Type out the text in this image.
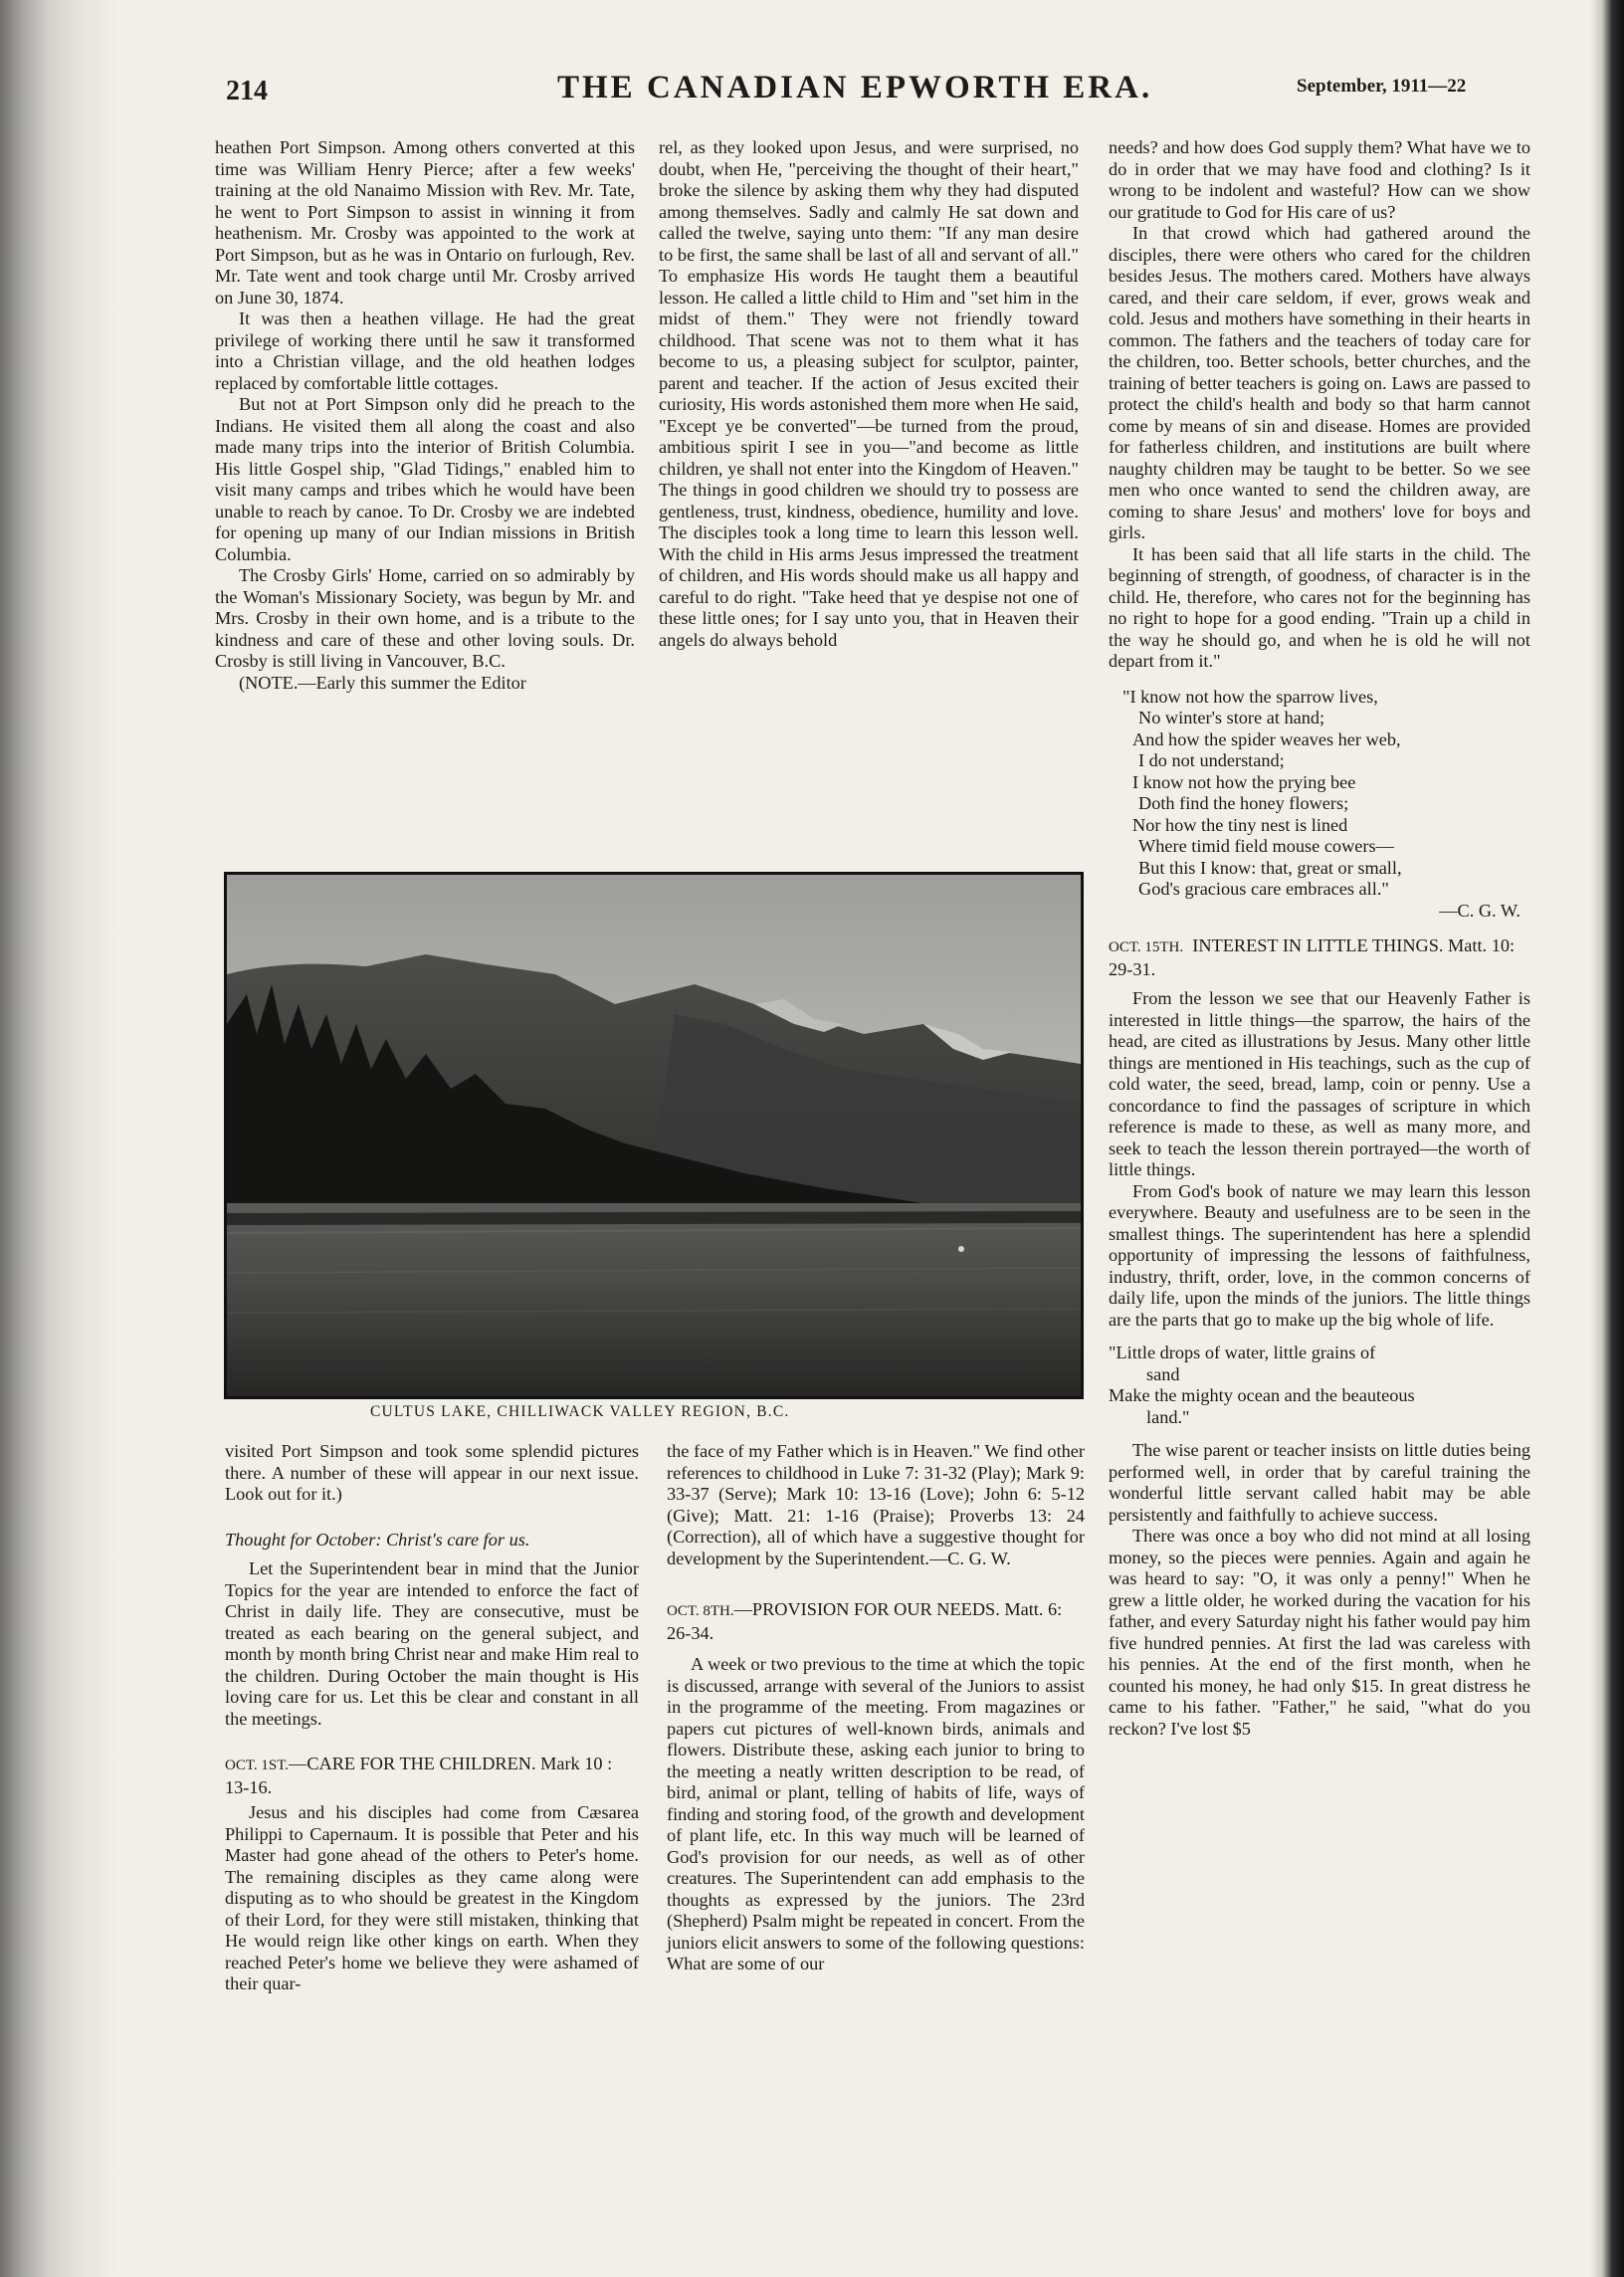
214	THE CANADIAN EPWORTH ERA.	September, 1911—22

heathen Port Simpson. Among others converted at this time was William Henry Pierce; after a few weeks' training at the old Nanaimo Mission with Rev. Mr. Tate, he went to Port Simpson to assist in winning it from heathenism. Mr. Crosby was appointed to the work at Port Simpson, but as he was in Ontario on furlough, Rev. Mr. Tate went and took charge until Mr. Crosby arrived on June 30, 1874.

It was then a heathen village. He had the great privilege of working there until he saw it transformed into a Christian village, and the old heathen lodges replaced by comfortable little cottages.

But not at Port Simpson only did he preach to the Indians. He visited them all along the coast and also made many trips into the interior of British Columbia. His little Gospel ship, "Glad Tidings," enabled him to visit many camps and tribes which he would have been unable to reach by canoe. To Dr. Crosby we are indebted for opening up many of our Indian missions in British Columbia.

The Crosby Girls' Home, carried on so admirably by the Woman's Missionary Society, was begun by Mr. and Mrs. Crosby in their own home, and is a tribute to the kindness and care of these and other loving souls. Dr. Crosby is still living in Vancouver, B.C.

(NOTE.—Early this summer the Editor

rel, as they looked upon Jesus, and were surprised, no doubt, when He, "perceiving the thought of their heart," broke the silence by asking them why they had disputed among themselves. Sadly and calmly He sat down and called the twelve, saying unto them: "If any man desire to be first, the same shall be last of all and servant of all." To emphasize His words He taught them a beautiful lesson. He called a little child to Him and "set him in the midst of them." They were not friendly toward childhood. That scene was not to them what it has become to us, a pleasing subject for sculptor, painter, parent and teacher. If the action of Jesus excited their curiosity, His words astonished them more when He said, "Except ye be converted"—be turned from the proud, ambitious spirit I see in you—"and become as little children, ye shall not enter into the Kingdom of Heaven." The things in good children we should try to possess are gentleness, trust, kindness, obedience, humility and love. The disciples took a long time to learn this lesson well. With the child in His arms Jesus impressed the treatment of children, and His words should make us all happy and careful to do right. "Take heed that ye despise not one of these little ones; for I say unto you, that in Heaven their angels do always behold

needs? and how does God supply them? What have we to do in order that we may have food and clothing? Is it wrong to be indolent and wasteful? How can we show our gratitude to God for His care of us?

In that crowd which had gathered around the disciples, there were others who cared for the children besides Jesus. The mothers cared. Mothers have always cared, and their care seldom, if ever, grows weak and cold. Jesus and mothers have something in their hearts in common. The fathers and the teachers of today care for the children, too. Better schools, better churches, and the training of better teachers is going on. Laws are passed to protect the child's health and body so that harm cannot come by means of sin and disease. Homes are provided for fatherless children, and institutions are built where naughty children may be taught to be better. So we see men who once wanted to send the children away, are coming to share Jesus' and mothers' love for boys and girls.

It has been said that all life starts in the child. The beginning of strength, of goodness, of character is in the child. He, therefore, who cares not for the beginning has no right to hope for a good ending. "Train up a child in the way he should go, and when he is old he will not depart from it."

"I know not how the sparrow lives,
No winter's store at hand;
And how the spider weaves her web,
I do not understand;
I know not how the prying bee
Doth find the honey flowers;
Nor how the tiny nest is lined
Where timid field mouse cowers—
But this I know: that, great or small,
God's gracious care embraces all."
—C. G. W.

OCT. 15TH. INTEREST IN LITTLE THINGS. Matt. 10: 29-31.

From the lesson we see that our Heavenly Father is interested in little things—the sparrow, the hairs of the head, are cited as illustrations by Jesus. Many other little things are mentioned in His teachings, such as the cup of cold water, the seed, bread, lamp, coin or penny. Use a concordance to find the passages of scripture in which reference is made to these, as well as many more, and seek to teach the lesson therein portrayed—the worth of little things.

From God's book of nature we may learn this lesson everywhere. Beauty and usefulness are to be seen in the smallest things. The superintendent has here a splendid opportunity of impressing the lessons of faithfulness, industry, thrift, order, love, in the common concerns of daily life, upon the minds of the juniors. The little things are the parts that go to make up the big whole of life.

"Little drops of water, little grains of
sand
Make the mighty ocean and the beauteous
land."

The wise parent or teacher insists on little duties being performed well, in order that by careful training the wonderful little servant called habit may be able persistently and faithfully to achieve success.

There was once a boy who did not mind at all losing money, so the pieces were pennies. Again and again he was heard to say: "O, it was only a penny!" When he grew a little older, he worked during the vacation for his father, and every Saturday night his father would pay him five hundred pennies. At first the lad was careless with his pennies. At the end of the first month, when he counted his money, he had only $15. In great distress he came to his father. "Father," he said, "what do you reckon? I've lost $5

CULTUS LAKE, CHILLIWACK VALLEY REGION, B.C.

visited Port Simpson and took some splendid pictures there. A number of these will appear in our next issue. Look out for it.)

Thought for October: Christ's care for us.

Let the Superintendent bear in mind that the Junior Topics for the year are intended to enforce the fact of Christ in daily life. They are consecutive, must be treated as each bearing on the general subject, and month by month bring Christ near and make Him real to the children. During October the main thought is His loving care for us. Let this be clear and constant in all the meetings.

OCT. 1ST.—CARE FOR THE CHILDREN. Mark 10 : 13-16.

Jesus and his disciples had come from Cæsarea Philippi to Capernaum. It is possible that Peter and his Master had gone ahead of the others to Peter's home. The remaining disciples as they came along were disputing as to who should be greatest in the Kingdom of their Lord, for they were still mistaken, thinking that He would reign like other kings on earth. When they reached Peter's home we believe they were ashamed of their quar-

the face of my Father which is in Heaven." We find other references to childhood in Luke 7: 31-32 (Play); Mark 9: 33-37 (Serve); Mark 10: 13-16 (Love); John 6: 5-12 (Give); Matt. 21: 1-16 (Praise); Proverbs 13: 24 (Correction), all of which have a suggestive thought for development by the Superintendent.—C. G. W.

OCT. 8TH.—PROVISION FOR OUR NEEDS. Matt. 6: 26-34.

A week or two previous to the time at which the topic is discussed, arrange with several of the Juniors to assist in the programme of the meeting. From magazines or papers cut pictures of well-known birds, animals and flowers. Distribute these, asking each junior to bring to the meeting a neatly written description to be read, of bird, animal or plant, telling of habits of life, ways of finding and storing food, of the growth and development of plant life, etc. In this way much will be learned of God's provision for our needs, as well as of other creatures. The Superintendent can add emphasis to the thoughts as expressed by the juniors. The 23rd (Shepherd) Psalm might be repeated in concert. From the juniors elicit answers to some of the following questions: What are some of our
